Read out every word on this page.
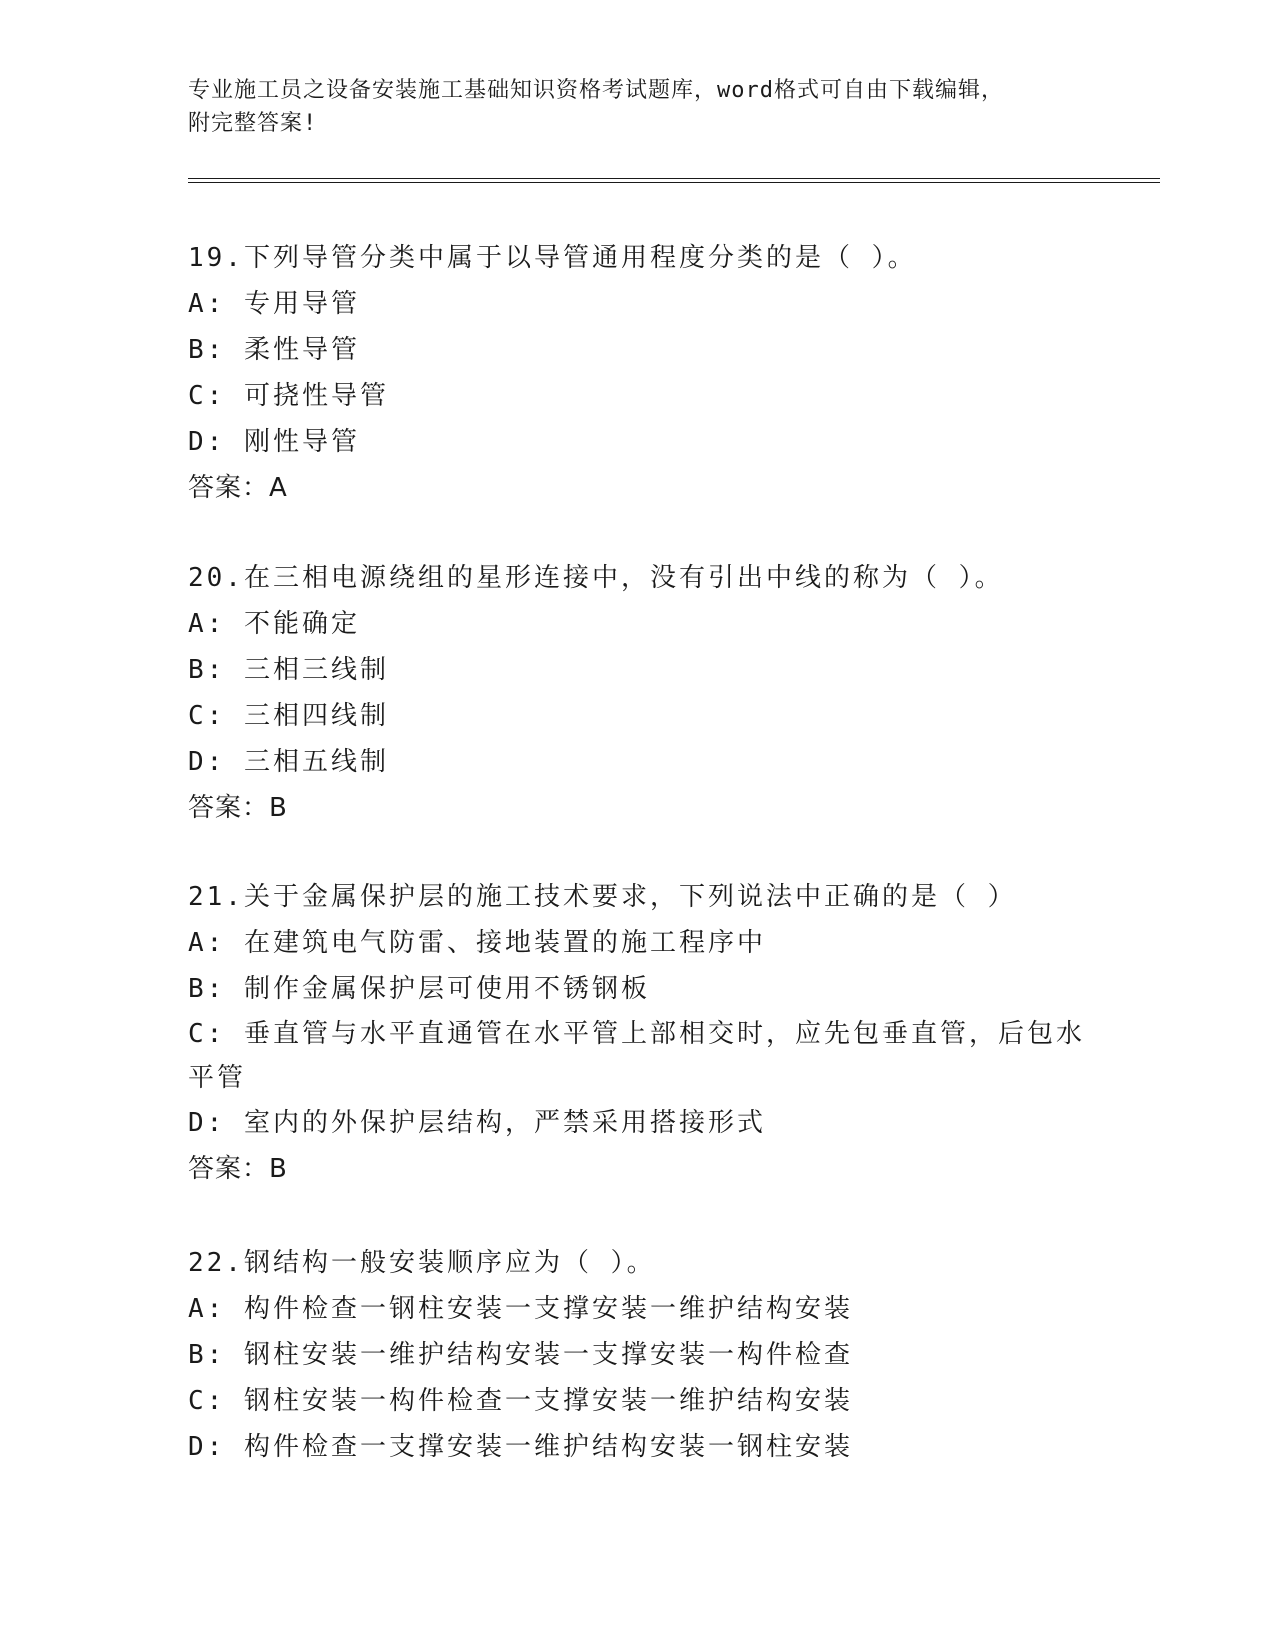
专业施工员之设备安装施工基础知识资格考试题库，word格式可自由下载编辑，
附完整答案!

19.下列导管分类中属于以导管通用程度分类的是（ ）。

A: 专用导管

B: 柔性导管

C: 可挠性导管

D: 刚性导管

答案：A

20.在三相电源绕组的星形连接中，没有引出中线的称为（ ）。

A: 不能确定

B: 三相三线制

C: 三相四线制

D: 三相五线制

答案：B

21.关于金属保护层的施工技术要求，下列说法中正确的是（ ）

A: 在建筑电气防雷、接地装置的施工程序中

B: 制作金属保护层可使用不锈钢板

C: 垂直管与水平直通管在水平管上部相交时，应先包垂直管，后包水平管

D: 室内的外保护层结构，严禁采用搭接形式

答案：B

22.钢结构一般安装顺序应为（ ）。

A: 构件检查一钢柱安装一支撑安装一维护结构安装

B: 钢柱安装一维护结构安装一支撑安装一构件检查

C: 钢柱安装一构件检查一支撑安装一维护结构安装

D: 构件检查一支撑安装一维护结构安装一钢柱安装
